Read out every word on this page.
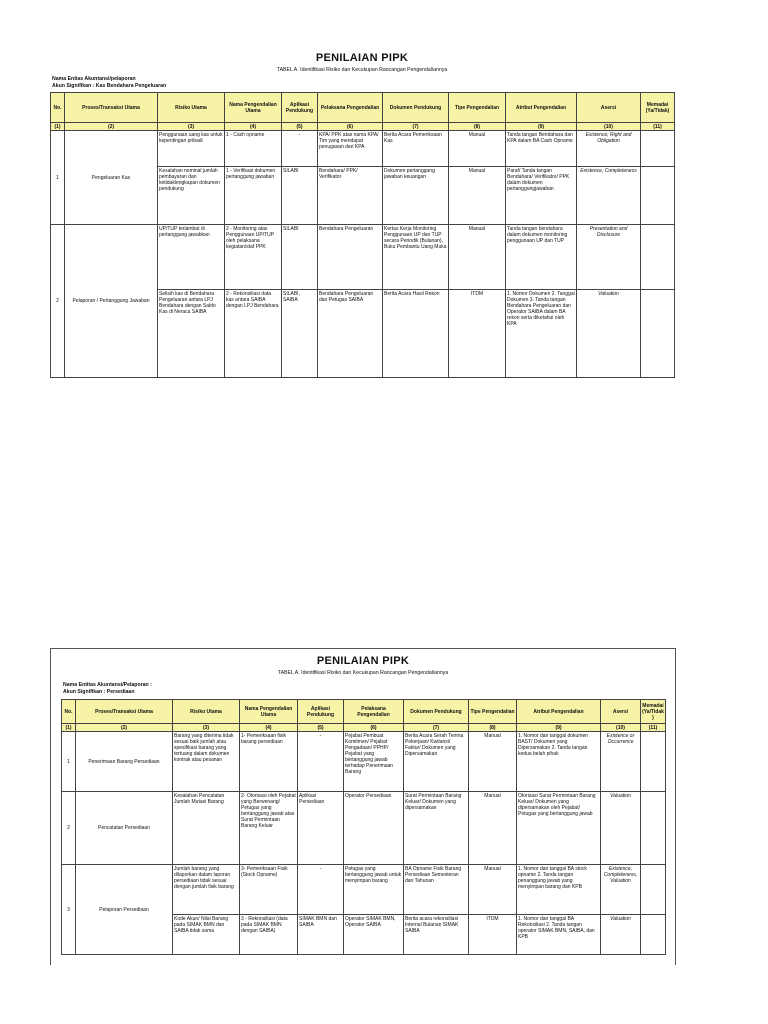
PENILAIAN PIPK
TABEL A. Identifikasi Risiko dan Kecukupan Rancangan Pengendaliannya
Nama Entias Akuntansi/pelaporan
Akun Signifikan : Kas Bendahara Pengeluaran
No.	Proses/Transaksi Utama	Risiko Utama	Nama Pengendalian Utama	Aplikasi Pendukung	Pelaksana Pengendalian	Dokumen Pendukung	Tipe Pengendalian	Atribut Pengendalian	Asersi	Memadai (Ya/Tidak)
(1)	(2)	(3)	(4)	(5)	(6)	(7)	(8)	(9)	(10)	(11)
1	Pengeluaran Kas	Penggunaan uang kas untuk kepentingan pribadi	1 - Cash opname	-	KPA/ PPK atas nama KPA/ Tim yang mendapat penugasan dari KPA	Berita Acara Pemeriksaan Kas	Manual	Tanda tangan Bendahara dan KPA dalam BA Cash Opname	Existence, Right and Obligation	
		Kesalahan nominal jumlah pembayaran dan ketidaklengkapan dokumen pendukung	1 - Verifikasi dokumen pertanggung jawaban	SILABI	Bendahara/ PPK/ Verifikator	Dokumen pertanggung jawaban keuangan	Manual	Paraf/ Tanda tangan Bendahara/ Verifikator/ PPK dalam dokumen pertanggungjawaban	Existence, Completeness	
2	Pelaporan / Pertanggung Jawaban	UP/TUP terlambat di pertanggung jawabkan	2 - Monitoring atas Penggunaan UP/TUP oleh pelaksana kegiatan/staf PPK	SILABI	Bendahara Pengeluaran	Kertas Kerja Monitoring Penggunaan UP dan TUP secara Periodik (Bulanan), Buku Pembantu Uang Muka	Manual	Tanda tangan bendahara dalam dokumen monitoring penggunaan UP dan TUP	Presentation and Disclosure	
		Selisih kas di Bendahara Pengeluaran antara LPJ Bendahara dengan Saldo Kas di Neraca SAIBA	2 - Rekonsiliasi data kas antara SAIBA dengan LPJ Bendahara	SILABI, SAIBA	Bendahara Pengeluaran dan Petugas SAIBA	Berita Acara Hasil Rekon	ITDM	1. Nomor Dokumen 2. Tanggal Dokumen 3. Tanda tangan Bendahara Pengeluaran dan Operator SAIBA dalam BA rekon serta diketahui oleh KPA	Valuation	
PENILAIAN PIPK
TABEL A. Identifikasi Risiko dan Kecukupan Rancangan Pengendaliannya
Nama Entitas Akuntansi/Pelaporan :
Akun Signifikan : Persediaan
No.	Proses/Transaksi Utama	Risiko Utama	Nama Pengendalian Utama	Aplikasi Pendukung	Pelaksana Pengendalian	Dokumen Pendukung	Tipe Pengendalian	Atribut Pengendalian	Asersi	Memadai (Ya/Tidak)
(1)	(2)	(3)	(4)	(5)	(6)	(7)	(8)	(9)	(10)	(11)
1	Penerimaan Barang Persediaan	Barang yang diterima tidak sesuai baik jumlah atau spesifikasi barang yang tertuang dalam dokumen kontrak atau pesanan	1- Pemeriksaan fisik barang persediaan	-	Pejabat Pembuat Komitmen/ Pejabat Pengadaan/ PPHP/ Pejabat yang bertanggung jawab terhadap Penerimaan Barang	Berita Acara Serah Terima Pekerjaan/ Kwitansi/ Faktur/ Dokumen yang Dipersamakan	Manual	1. Nomor dan tanggal dokumen BAST/ Dokumen yang Dipersamakan 2. Tanda tangan kedua belah pihak	Existence or Occurrence	
2	Pencatatan Persediaan	Kesalahan Pencatatan Jumlah Mutasi Barang	2- Otorisasi oleh Pejabat yang Berwenang/ Petugas yang bertanggung jawab atas Surat Permintaan Barang Keluar	Aplikasi Persediaan	Operator Persediaan	Surat Permintaan Barang Keluar/ Dokumen yang dipersamakan	Manual	Otorisasi Surat Permintaan Barang Keluar/ Dokumen yang dipersamakan oleh Pejabat/ Petugas yang bertanggung jawab	Valuation	
3	Pelaporan Persediaan	Jumlah barang yang dilaporkan dalam laporan persediaan tidak sesuai dengan jumlah fisik barang	3- Pemeriksaan Fisik (Stock Opname)	-	Petugas yang bertanggung jawab untuk menyimpan barang	BA Opname Fisik Barang Persediaan Semesteran dan Tahunan	Manual	1. Nomor dan tanggal BA stock opname 2. Tanda tangan penanggung jawab yang menyimpan barang dan KPB	Existence, Completeness, Valuation	
		Kode Akun/ Nilai Barang pada SIMAK BMN dan SAIBA tidak sama	3 - Rekonsiliasi (data pada SIMAK BMN dengan SAIBA)	SIMAK BMN dan SAIBA	Operator SIMAK BMN, Operator SAIBA	Berita acara rekonsiliasi Internal Bulanan SIMAK SAIBA	ITDM	1. Nomor dan tanggal BA Rekonsiliasi 2. Tanda tangan operator SIMAK BMN, SAIBA, dan KPB	Valuation	
